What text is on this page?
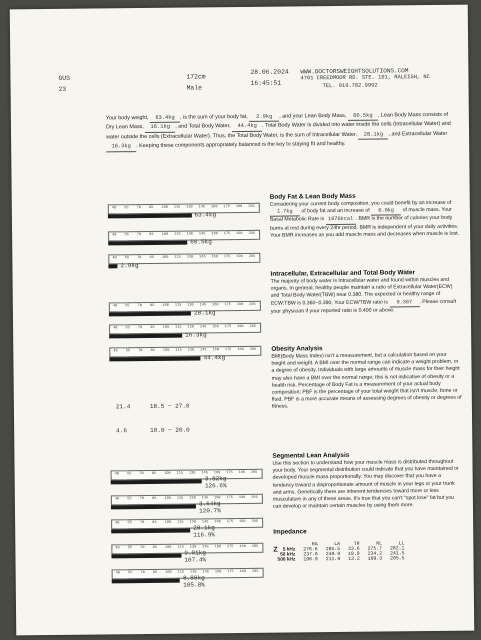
GUS
23
172cm
Male
28.06.2024
16:45:51
WWW.DOCTORSWEIGHTSOLUTIONS.COM
4701 CREEDMOOR RD. STE. 101, RALEIGH, NC
TEL. 919.782.9992
Your body weight, 63.4kg , is the sum of your body fat, 2.9kg , and your Lean Body Mass, 60.5kg . Lean Body Mass consists of Dry Lean Mass, 16.1kg , and Total Body Water, 44.4kg . Total Body Water is divided into water inside the cells (Intracellular Water) and water outside the cells (Extracellular Water). Thus, the Total Body Water, is the sum of Intracellular Water, 28.1kg , and Extracellular Water 16.3kg . Keeping these components appropriately balanced is the key to staying fit and healthy.
40 55 70 85 100 115 130 145 160 175 190 205
63.4kg
40 55 70 85 100 115 130 145 160 175 190 205
60.5kg
40 55 70 85 100 115 130 145 160 175 190 205
2.9kg
40 55 70 85 100 115 130 145 160 175 190 205
28.1kg
40 55 70 85 100 115 130 145 160 175 190 205
16.3kg
40 55 70 85 100 115 130 145 160 175 190 205
44.4kg
21.4	18.5 ~ 27.0
4.6	10.0 ~ 20.0
40 55 70 85 100 115 130 145 160 175 190 205
3.82kg
126.6%
40 55 70 85 100 115 130 145 160 175 190 205
3.64kg
120.7%
40 55 70 85 100 115 130 145 160 175 190 205
28.1kg
116.9%
40 55 70 85 100 115 130 145 160 175 190 205
9.01kg
107.4%
40 55 70 85 100 115 130 145 160 175 190 205
8.88kg
105.8%
Body Fat & Lean Body Mass

Considering your current body composition, you could benefit by an increase of 1.7kg of body fat and an increase of 0.0kg of muscle mass. Your Basal Metabolic Rate is 1676kcal . BMR is the number of calories your body burns at rest during every 24hr period. BMR is independent of your daily activities. Your BMR increases as you add muscle mass and decreases when muscle is lost.

Intracellular, Extracellular and Total Body Water

The majority of body water is Intracellular water and found within muscles and organs. In general, healthy people maintain a ratio of Extracellular Water(ECW) and Total Body Water(TBW) near 0.380. The expected or healthy range of ECW:TBW is 0.360~0.390. Your ECW/TBW ratio is 0.367 . Please consult your physician if your reported ratio is 0.400 or above.

Obesity Analysis

BMI(Body Mass Index) isn't a measurement, but a calculation based on your height and weight. A BMI over the normal range can indicate a weight problem, or a degree of obesity. Individuals with large amounts of muscle mass for their height may also have a BMI over the normal range; this is not indicative of obesity or a health risk. Percentage of Body Fat is a measurement of your actual body composition; PBF is the percentage of your total weight that isn't muscle, bone or fluid. PBF is a more accurate means of assessing degrees of obesity or degrees of fitness.

Segmental Lean Analysis

Use this section to understand how your muscle mass is distributed throughout your body. Your segmental distribution could indicate that you have maintained or developed muscle mass proportionally. You may discover that you have a tendency toward a disproportionate amount of muscle in your legs or your trunk and arms. Genetically there are inherent tendencies toward more or less musculature in any of these areas. It's true that you can't "spot lose" fat but you can develop or maintain certain muscles by using them more.

Impedance
Z
	RA	LA	TR	RL	LL
5 kHz	276.6	285.5	23.6	275.7	282.1
50 kHz	237.6	249.9	18.9	234.2	241.5
500 kHz	196.9	211.9	13.2	199.3	205.5
